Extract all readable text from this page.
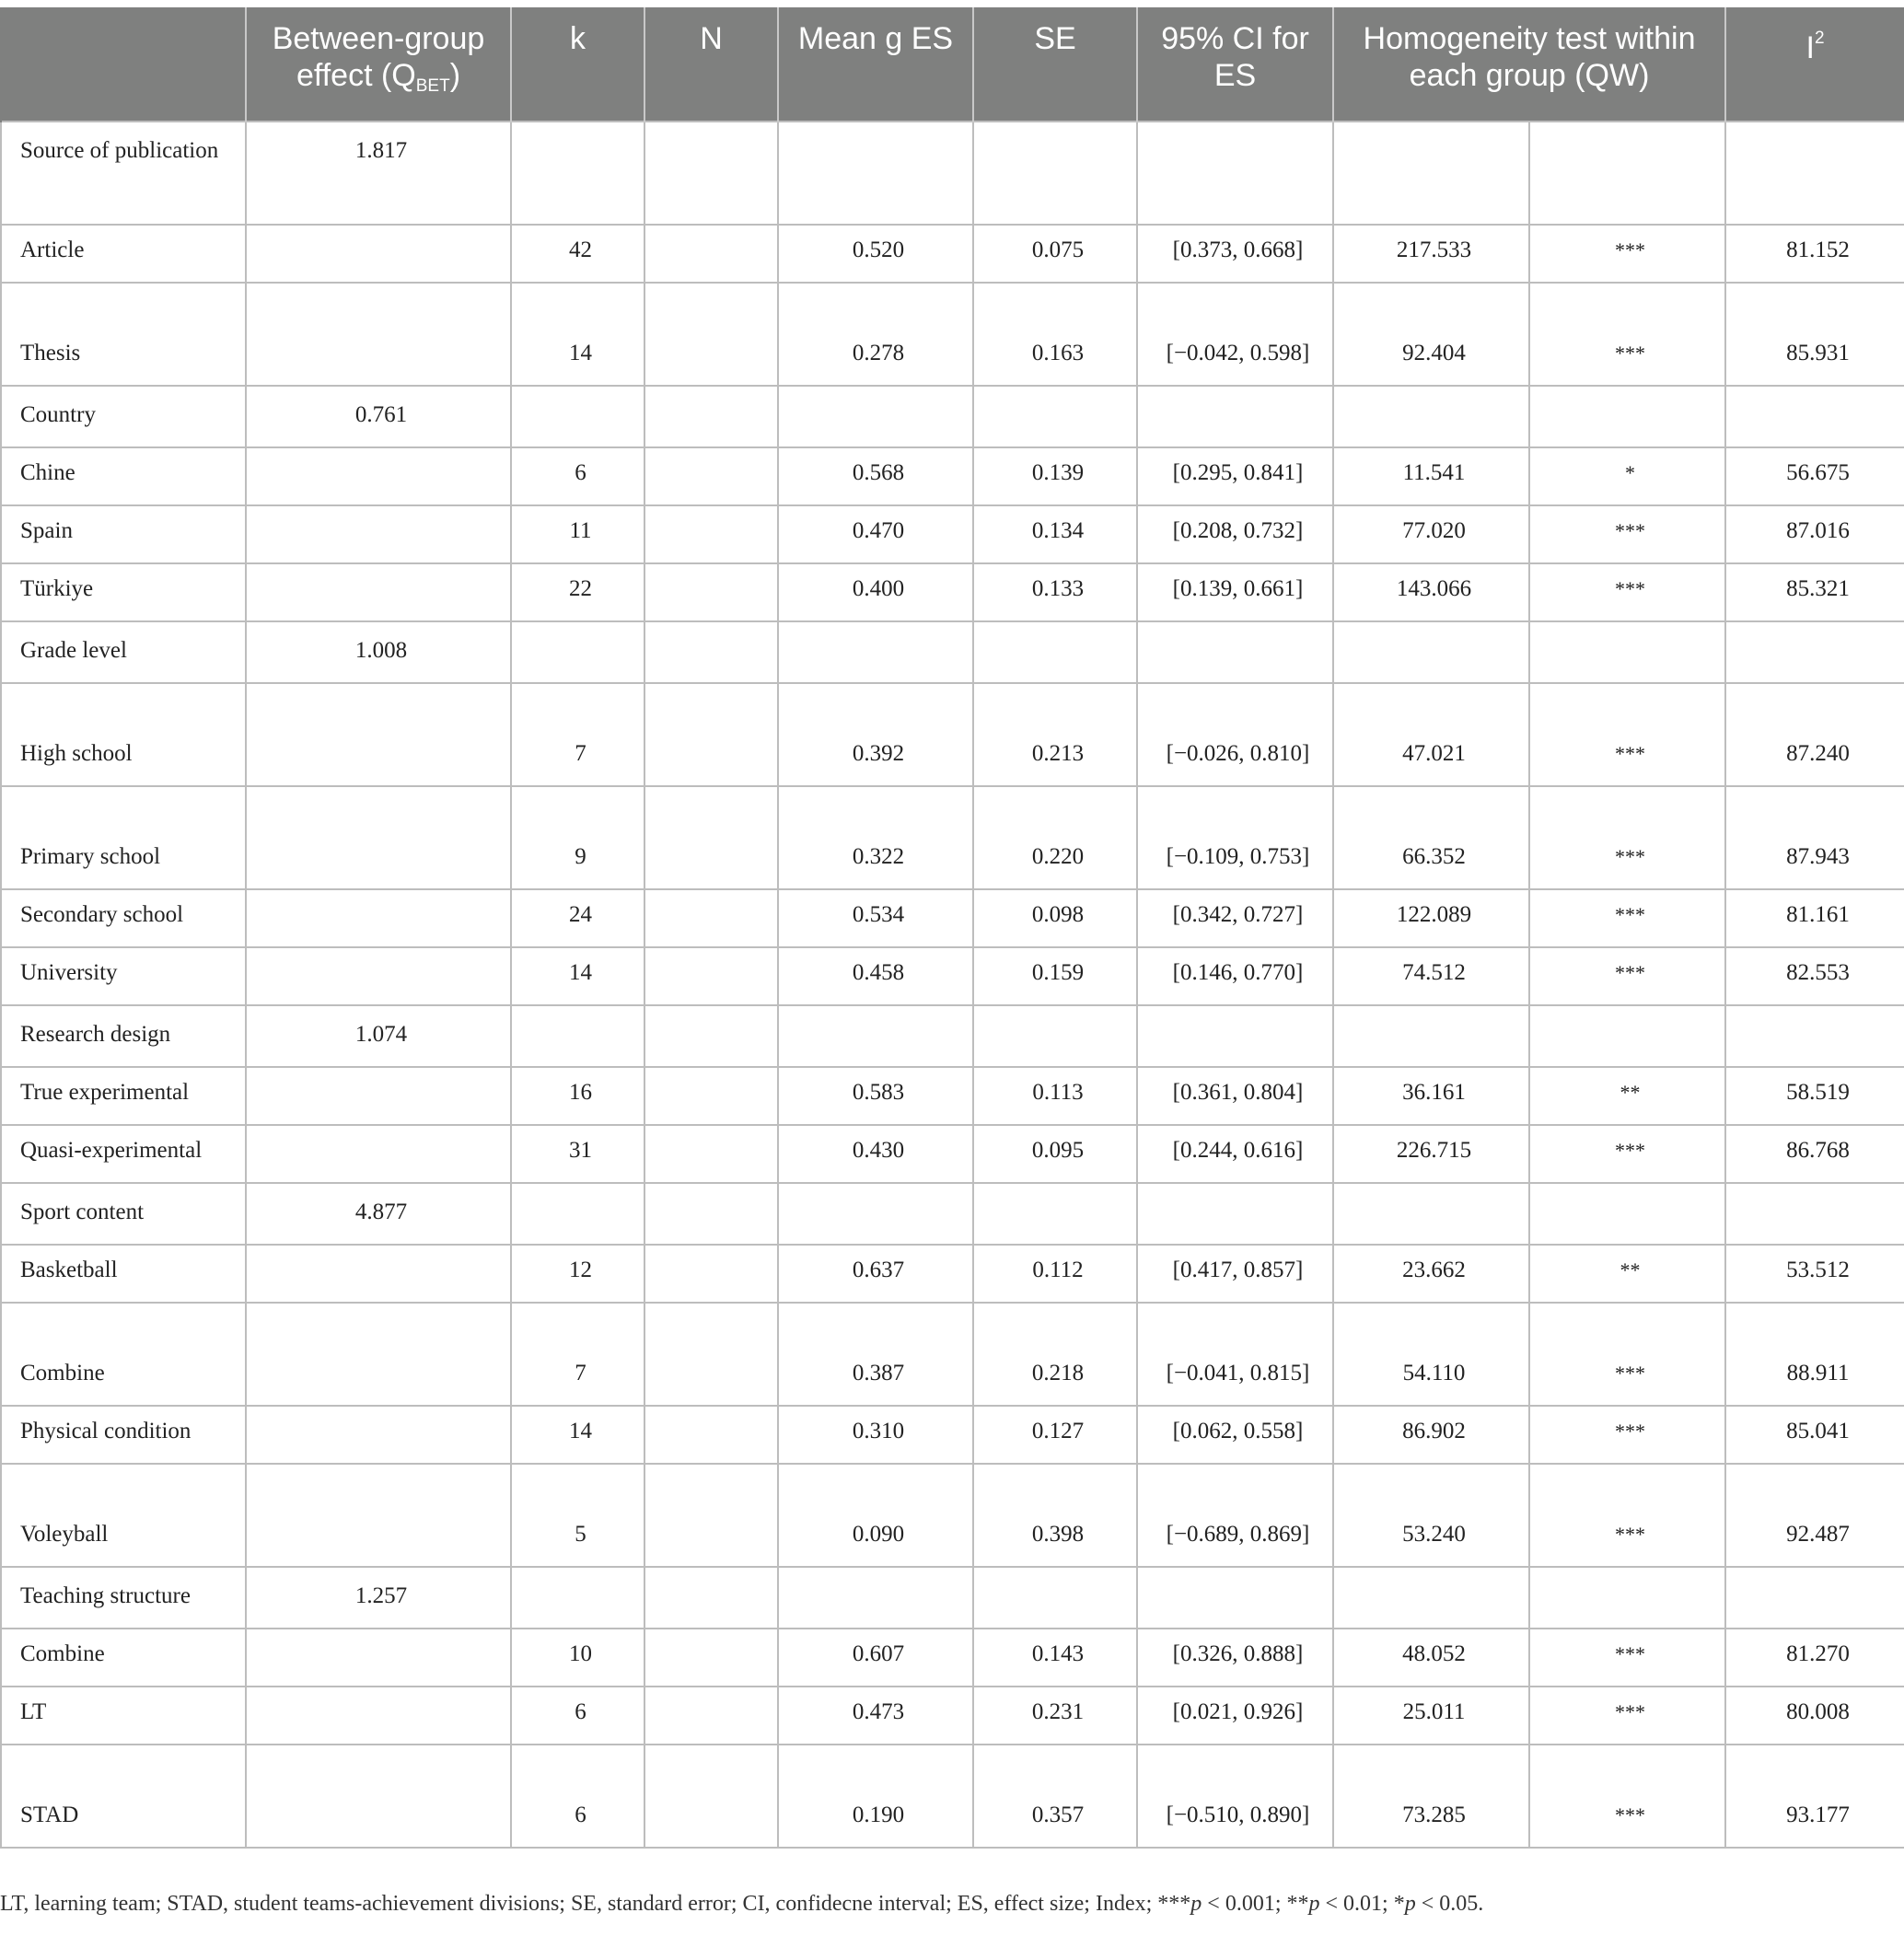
	Between-group effect $(Q_{BET})$	k	N	Mean g ES	SE	95% CI for ES	Homogeneity test within each group (QW)		$I^2$
Source of publication	1.817								
Article		42		0.520	0.075	[0.373, 0.668]	217.533	***	81.152
Thesis		14		0.278	0.163	[−0.042, 0.598]	92.404	***	85.931
Country	0.761								
Chine		6		0.568	0.139	[0.295, 0.841]	11.541	*	56.675
Spain		11		0.470	0.134	[0.208, 0.732]	77.020	***	87.016
Türkiye		22		0.400	0.133	[0.139, 0.661]	143.066	***	85.321
Grade level	1.008								
High school		7		0.392	0.213	[−0.026, 0.810]	47.021	***	87.240
Primary school		9		0.322	0.220	[−0.109, 0.753]	66.352	***	87.943
Secondary school		24		0.534	0.098	[0.342, 0.727]	122.089	***	81.161
University		14		0.458	0.159	[0.146, 0.770]	74.512	***	82.553
Research design	1.074								
True experimental		16		0.583	0.113	[0.361, 0.804]	36.161	**	58.519
Quasi-experimental		31		0.430	0.095	[0.244, 0.616]	226.715	***	86.768
Sport content	4.877								
Basketball		12		0.637	0.112	[0.417, 0.857]	23.662	**	53.512
Combine		7		0.387	0.218	[−0.041, 0.815]	54.110	***	88.911
Physical condition		14		0.310	0.127	[0.062, 0.558]	86.902	***	85.041
Voleyball		5		0.090	0.398	[−0.689, 0.869]	53.240	***	92.487
Teaching structure	1.257								
Combine		10		0.607	0.143	[0.326, 0.888]	48.052	***	81.270
LT		6		0.473	0.231	[0.021, 0.926]	25.011	***	80.008
STAD		6		0.190	0.357	[−0.510, 0.890]	73.285	***	93.177
LT, learning team; STAD, student teams-achievement divisions; SE, standard error; CI, confidecne interval; ES, effect size; Index; ***p < 0.001; **p < 0.01; *p < 0.05.
